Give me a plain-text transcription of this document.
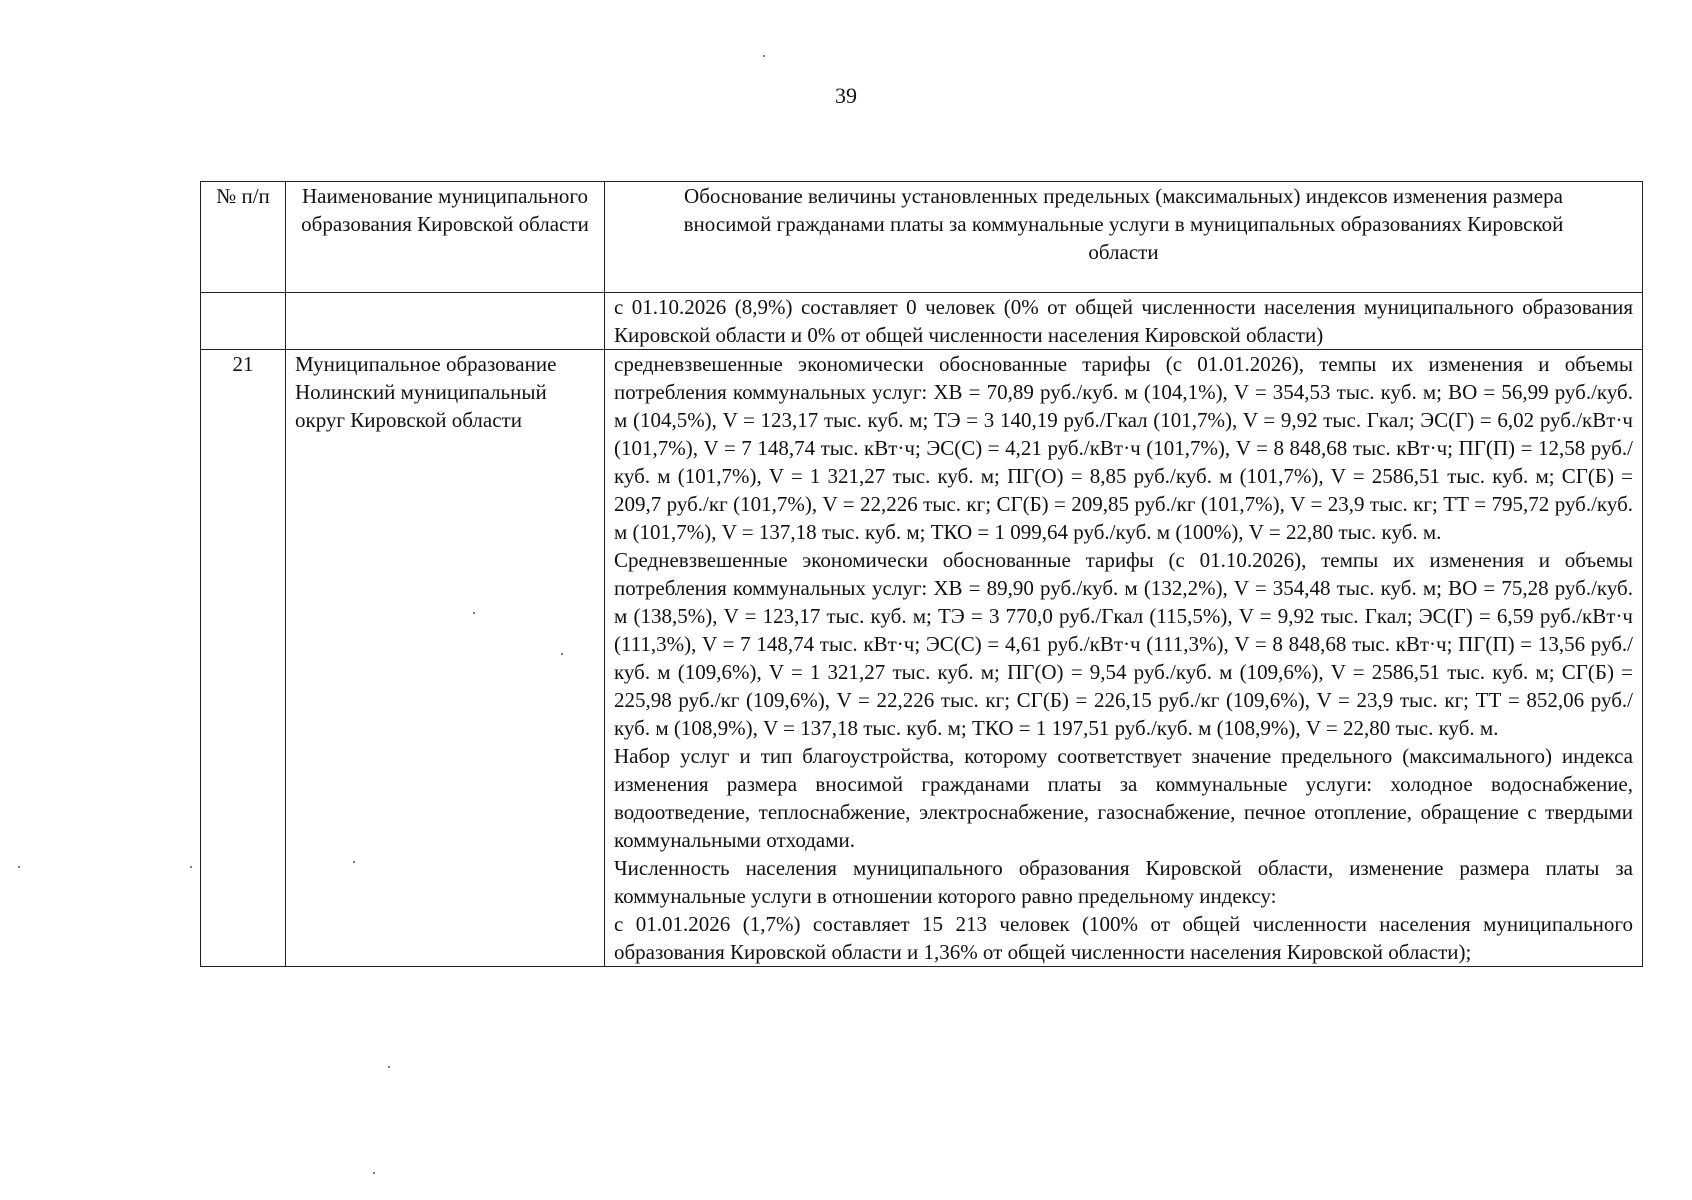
39
№ п/п	Наименование муниципального образования Кировской области	Обоснование величины установленных предельных (максимальных) индексов изменения размера вносимой гражданами платы за коммунальные услуги в муниципальных образованиях Кировской области

		с 01.10.2026 (8,9%) составляет 0 человек (0% от общей численности населения муниципального образования Кировской области и 0% от общей численности населения Кировской области)

21	Муниципальное образование Нолинский муниципальный округ Кировской области	средневзвешенные экономически обоснованные тарифы (с 01.01.2026), темпы их изменения и объемы потребления коммунальных услуг: ХВ = 70,89 руб./куб. м (104,1%), V = 354,53 тыс. куб. м; ВО = 56,99 руб./куб. м (104,5%), V = 123,17 тыс. куб. м; ТЭ = 3 140,19 руб./Гкал (101,7%), V = 9,92 тыс. Гкал; ЭС(Г) = 6,02 руб./кВт·ч (101,7%), V = 7 148,74 тыс. кВт·ч; ЭС(С) = 4,21 руб./кВт·ч (101,7%), V = 8 848,68 тыс. кВт·ч; ПГ(П) = 12,58 руб./куб. м (101,7%), V = 1 321,27 тыс. куб. м; ПГ(О) = 8,85 руб./куб. м (101,7%), V = 2586,51 тыс. куб. м; СГ(Б) = 209,7 руб./кг (101,7%), V = 22,226 тыс. кг; СГ(Б) = 209,85 руб./кг (101,7%), V = 23,9 тыс. кг; ТТ = 795,72 руб./куб. м (101,7%), V = 137,18 тыс. куб. м; ТКО = 1 099,64 руб./куб. м (100%), V = 22,80 тыс. куб. м.
Средневзвешенные экономически обоснованные тарифы (с 01.10.2026), темпы их изменения и объемы потребления коммунальных услуг: ХВ = 89,90 руб./куб. м (132,2%), V = 354,48 тыс. куб. м; ВО = 75,28 руб./куб. м (138,5%), V = 123,17 тыс. куб. м; ТЭ = 3 770,0 руб./Гкал (115,5%), V = 9,92 тыс. Гкал; ЭС(Г) = 6,59 руб./кВт·ч (111,3%), V = 7 148,74 тыс. кВт·ч; ЭС(С) = 4,61 руб./кВт·ч (111,3%), V = 8 848,68 тыс. кВт·ч; ПГ(П) = 13,56 руб./куб. м (109,6%), V = 1 321,27 тыс. куб. м; ПГ(О) = 9,54 руб./куб. м (109,6%), V = 2586,51 тыс. куб. м; СГ(Б) = 225,98 руб./кг (109,6%), V = 22,226 тыс. кг; СГ(Б) = 226,15 руб./кг (109,6%), V = 23,9 тыс. кг; ТТ = 852,06 руб./куб. м (108,9%), V = 137,18 тыс. куб. м; ТКО = 1 197,51 руб./куб. м (108,9%), V = 22,80 тыс. куб. м.
Набор услуг и тип благоустройства, которому соответствует значение предельного (максимального) индекса изменения размера вносимой гражданами платы за коммунальные услуги: холодное водоснабжение, водоотведение, теплоснабжение, электроснабжение, газоснабжение, печное отопление, обращение с твердыми коммунальными отходами.
Численность населения муниципального образования Кировской области, изменение размера платы за коммунальные услуги в отношении которого равно предельному индексу:
с 01.01.2026 (1,7%) составляет 15 213 человек (100% от общей численности населения муниципального образования Кировской области и 1,36% от общей численности населения Кировской области);
